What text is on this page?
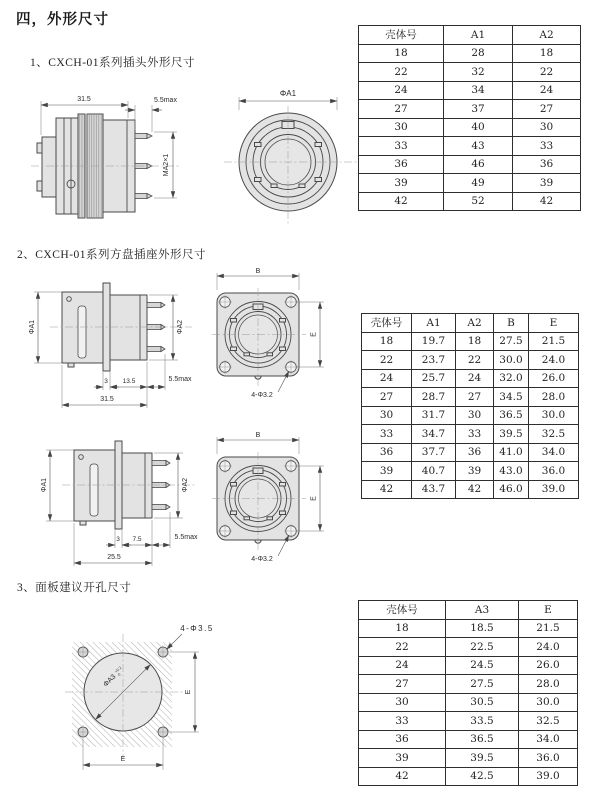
四，外形尺寸
1、CXCH-01系列插头外形尺寸
2、CXCH-01系列方盘插座外形尺寸
3、面板建议开孔尺寸
31.5	5.5max
MA2×1
ΦA1
ΦA1	ΦA2
3 13.5	5.5max
31.5
B
E
4-Φ3.2
ΦA1	ΦA2
3 7.5	5.5max
25.5
B
E
4-Φ3.2
ΦA3
+0.2
0
E
E
4-Φ3.5
壳体号	A1	A2
18	28	18
22	32	22
24	34	24
27	37	27
30	40	30
33	43	33
36	46	36
39	49	39
42	52	42
壳体号	A1	A2	B	E
18	19.7	18	27.5	21.5
22	23.7	22	30.0	24.0
24	25.7	24	32.0	26.0
27	28.7	27	34.5	28.0
30	31.7	30	36.5	30.0
33	34.7	33	39.5	32.5
36	37.7	36	41.0	34.0
39	40.7	39	43.0	36.0
42	43.7	42	46.0	39.0
壳体号	A3	E
18	18.5	21.5
22	22.5	24.0
24	24.5	26.0
27	27.5	28.0
30	30.5	30.0
33	33.5	32.5
36	36.5	34.0
39	39.5	36.0
42	42.5	39.0
